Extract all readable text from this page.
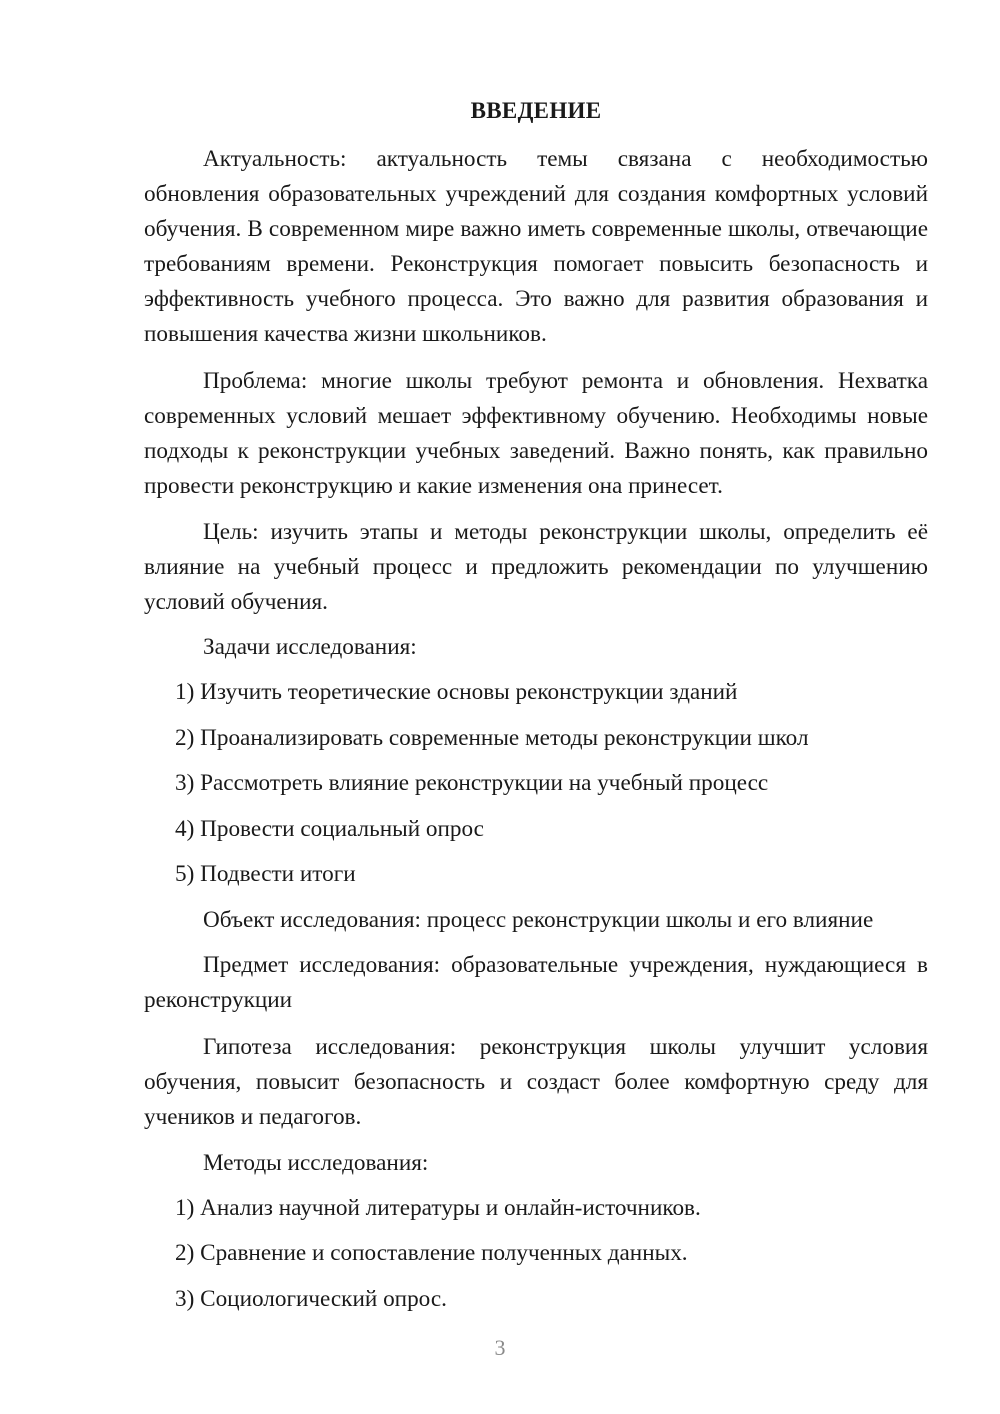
ВВЕДЕНИЕ

Актуальность: актуальность темы связана с необходимостью обновления образовательных учреждений для создания комфортных условий обучения. В современном мире важно иметь современные школы, отвечающие требованиям времени. Реконструкция помогает повысить безопасность и эффективность учебного процесса. Это важно для развития образования и повышения качества жизни школьников.

Проблема: многие школы требуют ремонта и обновления. Нехватка современных условий мешает эффективному обучению. Необходимы новые подходы к реконструкции учебных заведений. Важно понять, как правильно провести реконструкцию и какие изменения она принесет.

Цель: изучить этапы и методы реконструкции школы, определить её влияние на учебный процесс и предложить рекомендации по улучшению условий обучения.

Задачи исследования:

1) Изучить теоретические основы реконструкции зданий

2) Проанализировать современные методы реконструкции школ

3) Рассмотреть влияние реконструкции на учебный процесс

4) Провести социальный опрос

5) Подвести итоги

Объект исследования: процесс реконструкции школы и его влияние

Предмет исследования: образовательные учреждения, нуждающиеся в реконструкции

Гипотеза исследования: реконструкция школы улучшит условия обучения, повысит безопасность и создаст более комфортную среду для учеников и педагогов.

Методы исследования:

1) Анализ научной литературы и онлайн-источников.

2) Сравнение и сопоставление полученных данных.

3) Социологический опрос.

3
